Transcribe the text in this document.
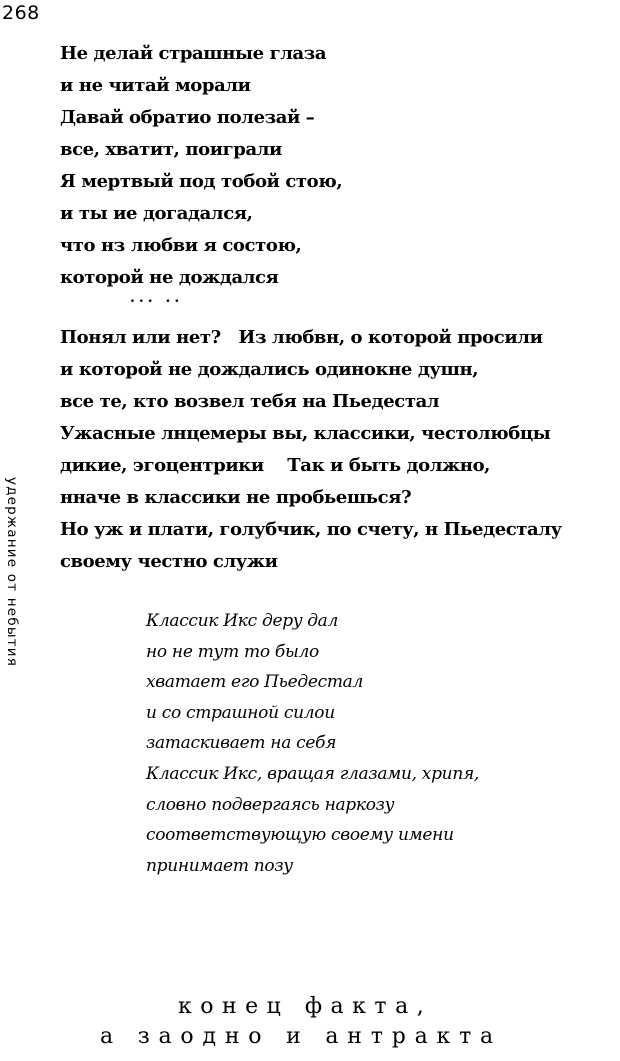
268
удержание от небытия
Не делай страшные глаза
и не читай морали
Давай обратио полезай –
все, хватит, поиграли
Я мертвый под тобой стою,
и ты ие догадался,
что нз любви я состою,
которой не дождался
... ..
Понял или нет?   Из любвн, о которой просили
и которой не дождались одинокне душн,
все те, кто возвел тебя на Пьедестал
Ужасные лнцемеры вы, классики, честолюбцы
дикие, эгоцентрики    Так и быть должно,
нначе в классики не пробьешься?
Но уж и плати, голубчик, по счету, н Пьедесталу
своему честно служи
Классик Икс дерy дал
но не тут то было
хватает его Пьедестал
и со страшной силои
затаскивает на себя
Классик Икс, вращая глазами, хрипя,
словно подвергаясь наркозу
соответствующую своему имени
принимает позу
конец факта,
а заодно и антракта
